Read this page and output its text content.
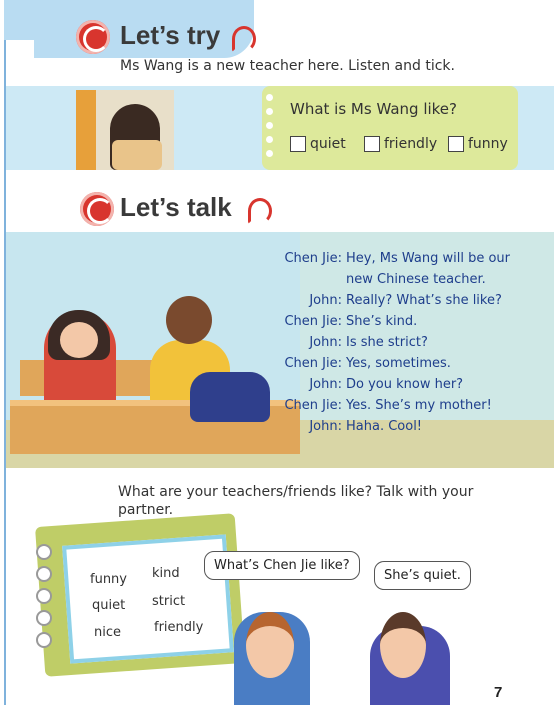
Let’s try
Ms Wang is a new teacher here. Listen and tick.
What is Ms Wang like?
quiet	friendly funny
Let’s talk
Chen Jie: Hey, Ms Wang will be our
new Chinese teacher.
John: Really? What’s she like?
Chen Jie: She’s kind.
John: Is she strict?
Chen Jie: Yes, sometimes.
John: Do you know her?
Chen Jie: Yes. She’s my mother!
John: Haha. Cool!
What are your teachers/friends like? Talk with your
partner.
funny kind
quiet strict
nice	friendly
What’s Chen Jie like?
She’s quiet.
7
